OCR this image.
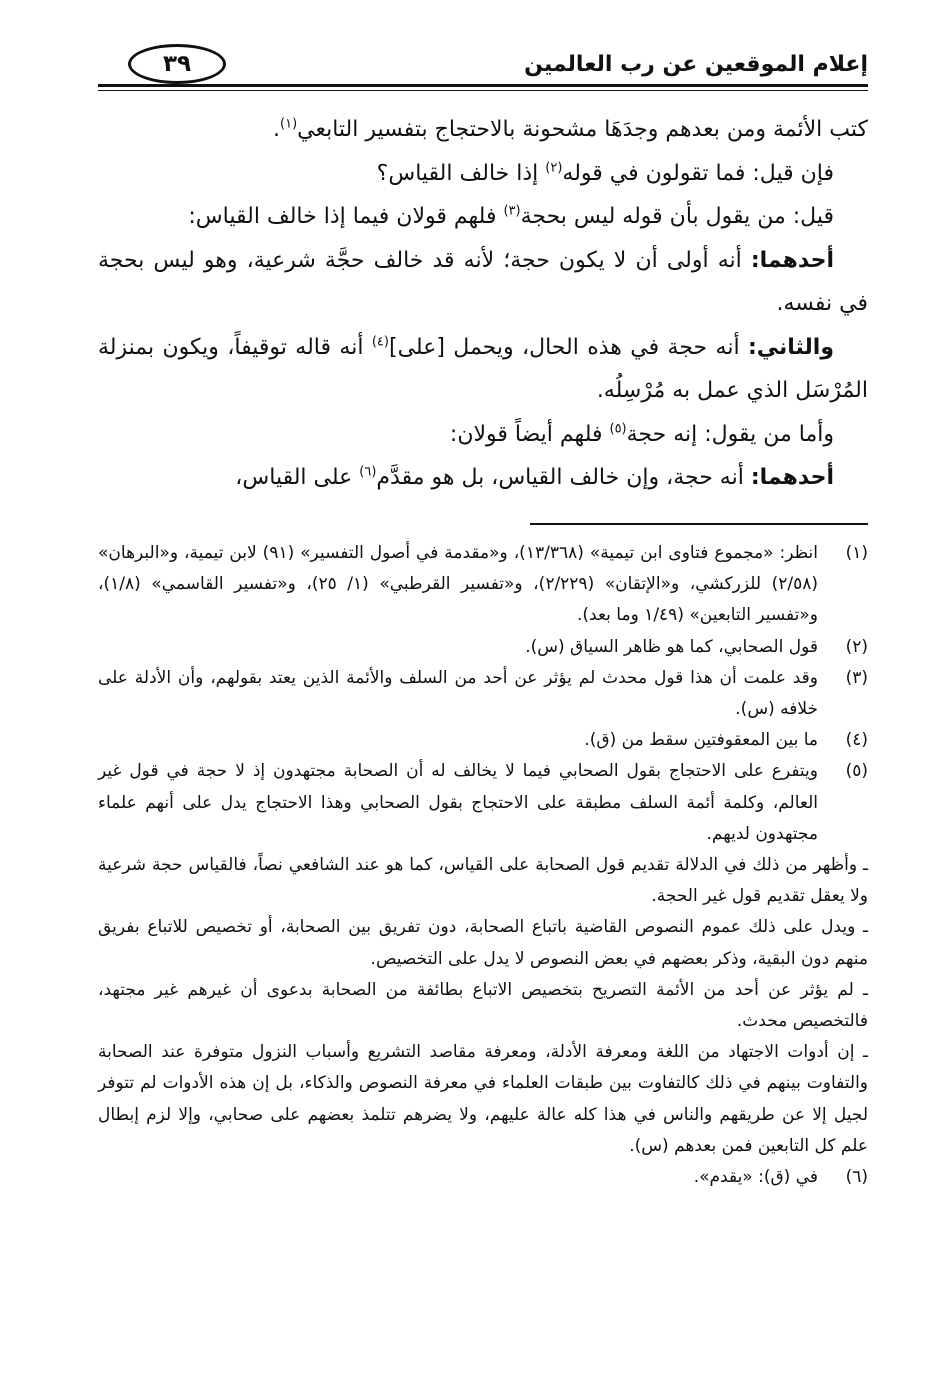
إعلام الموقعين عن رب العالمين
٣٩

كتب الأئمة ومن بعدهم وجدَهَا مشحونة بالاحتجاج بتفسير التابعي$^{(١)}$.

فإن قيل: فما تقولون في قوله$^{(٢)}$ إذا خالف القياس؟

قيل: من يقول بأن قوله ليس بحجة$^{(٣)}$ فلهم قولان فيما إذا خالف القياس:

أحدهما: أنه أولى أن لا يكون حجة؛ لأنه قد خالف حجَّة شرعية، وهو ليس بحجة في نفسه.

والثاني: أنه حجة في هذه الحال، ويحمل [على]$^{(٤)}$ أنه قاله توقيفاً، ويكون بمنزلة المُرْسَل الذي عمل به مُرْسِلُه.

وأما من يقول: إنه حجة$^{(٥)}$ فلهم أيضاً قولان:

أحدهما: أنه حجة، وإن خالف القياس، بل هو مقدَّم$^{(٦)}$ على القياس،

(١)
انظر: «مجموع فتاوى ابن تيمية» (١٣/٣٦٨)، و«مقدمة في أصول التفسير» (٩١) لابن تيمية، و«البرهان» (٢/٥٨) للزركشي، و«الإتقان» (٢/٢٢٩)، و«تفسير القرطبي» (١/ ٢٥)، و«تفسير القاسمي» (١/٨)، و«تفسير التابعين» (١/٤٩ وما بعد).
(٢)
قول الصحابي، كما هو ظاهر السياق (س).
(٣)
وقد علمت أن هذا قول محدث لم يؤثر عن أحد من السلف والأئمة الذين يعتد بقولهم، وأن الأدلة على خلافه (س).
(٤)
ما بين المعقوفتين سقط من (ق).
(٥)
ويتفرع على الاحتجاج بقول الصحابي فيما لا يخالف له أن الصحابة مجتهدون إذ لا حجة في قول غير العالم، وكلمة أئمة السلف مطبقة على الاحتجاج بقول الصحابي وهذا الاحتجاج يدل على أنهم علماء مجتهدون لديهم.
ـ وأظهر من ذلك في الدلالة تقديم قول الصحابة على القياس، كما هو عند الشافعي نصاً، فالقياس حجة شرعية ولا يعقل تقديم قول غير الحجة.
ـ ويدل على ذلك عموم النصوص القاضية باتباع الصحابة، دون تفريق بين الصحابة، أو تخصيص للاتباع بفريق منهم دون البقية، وذكر بعضهم في بعض النصوص لا يدل على التخصيص.
ـ لم يؤثر عن أحد من الأئمة التصريح بتخصيص الاتباع بطائفة من الصحابة بدعوى أن غيرهم غير مجتهد، فالتخصيص محدث.
ـ إن أدوات الاجتهاد من اللغة ومعرفة الأدلة، ومعرفة مقاصد التشريع وأسباب النزول متوفرة عند الصحابة والتفاوت بينهم في ذلك كالتفاوت بين طبقات العلماء في معرفة النصوص والذكاء، بل إن هذه الأدوات لم تتوفر لجيل إلا عن طريقهم والناس في هذا كله عالة عليهم، ولا يضرهم تتلمذ بعضهم على صحابي، وإلا لزم إبطال علم كل التابعين فمن بعدهم (س).
(٦)
في (ق): «يقدم».
